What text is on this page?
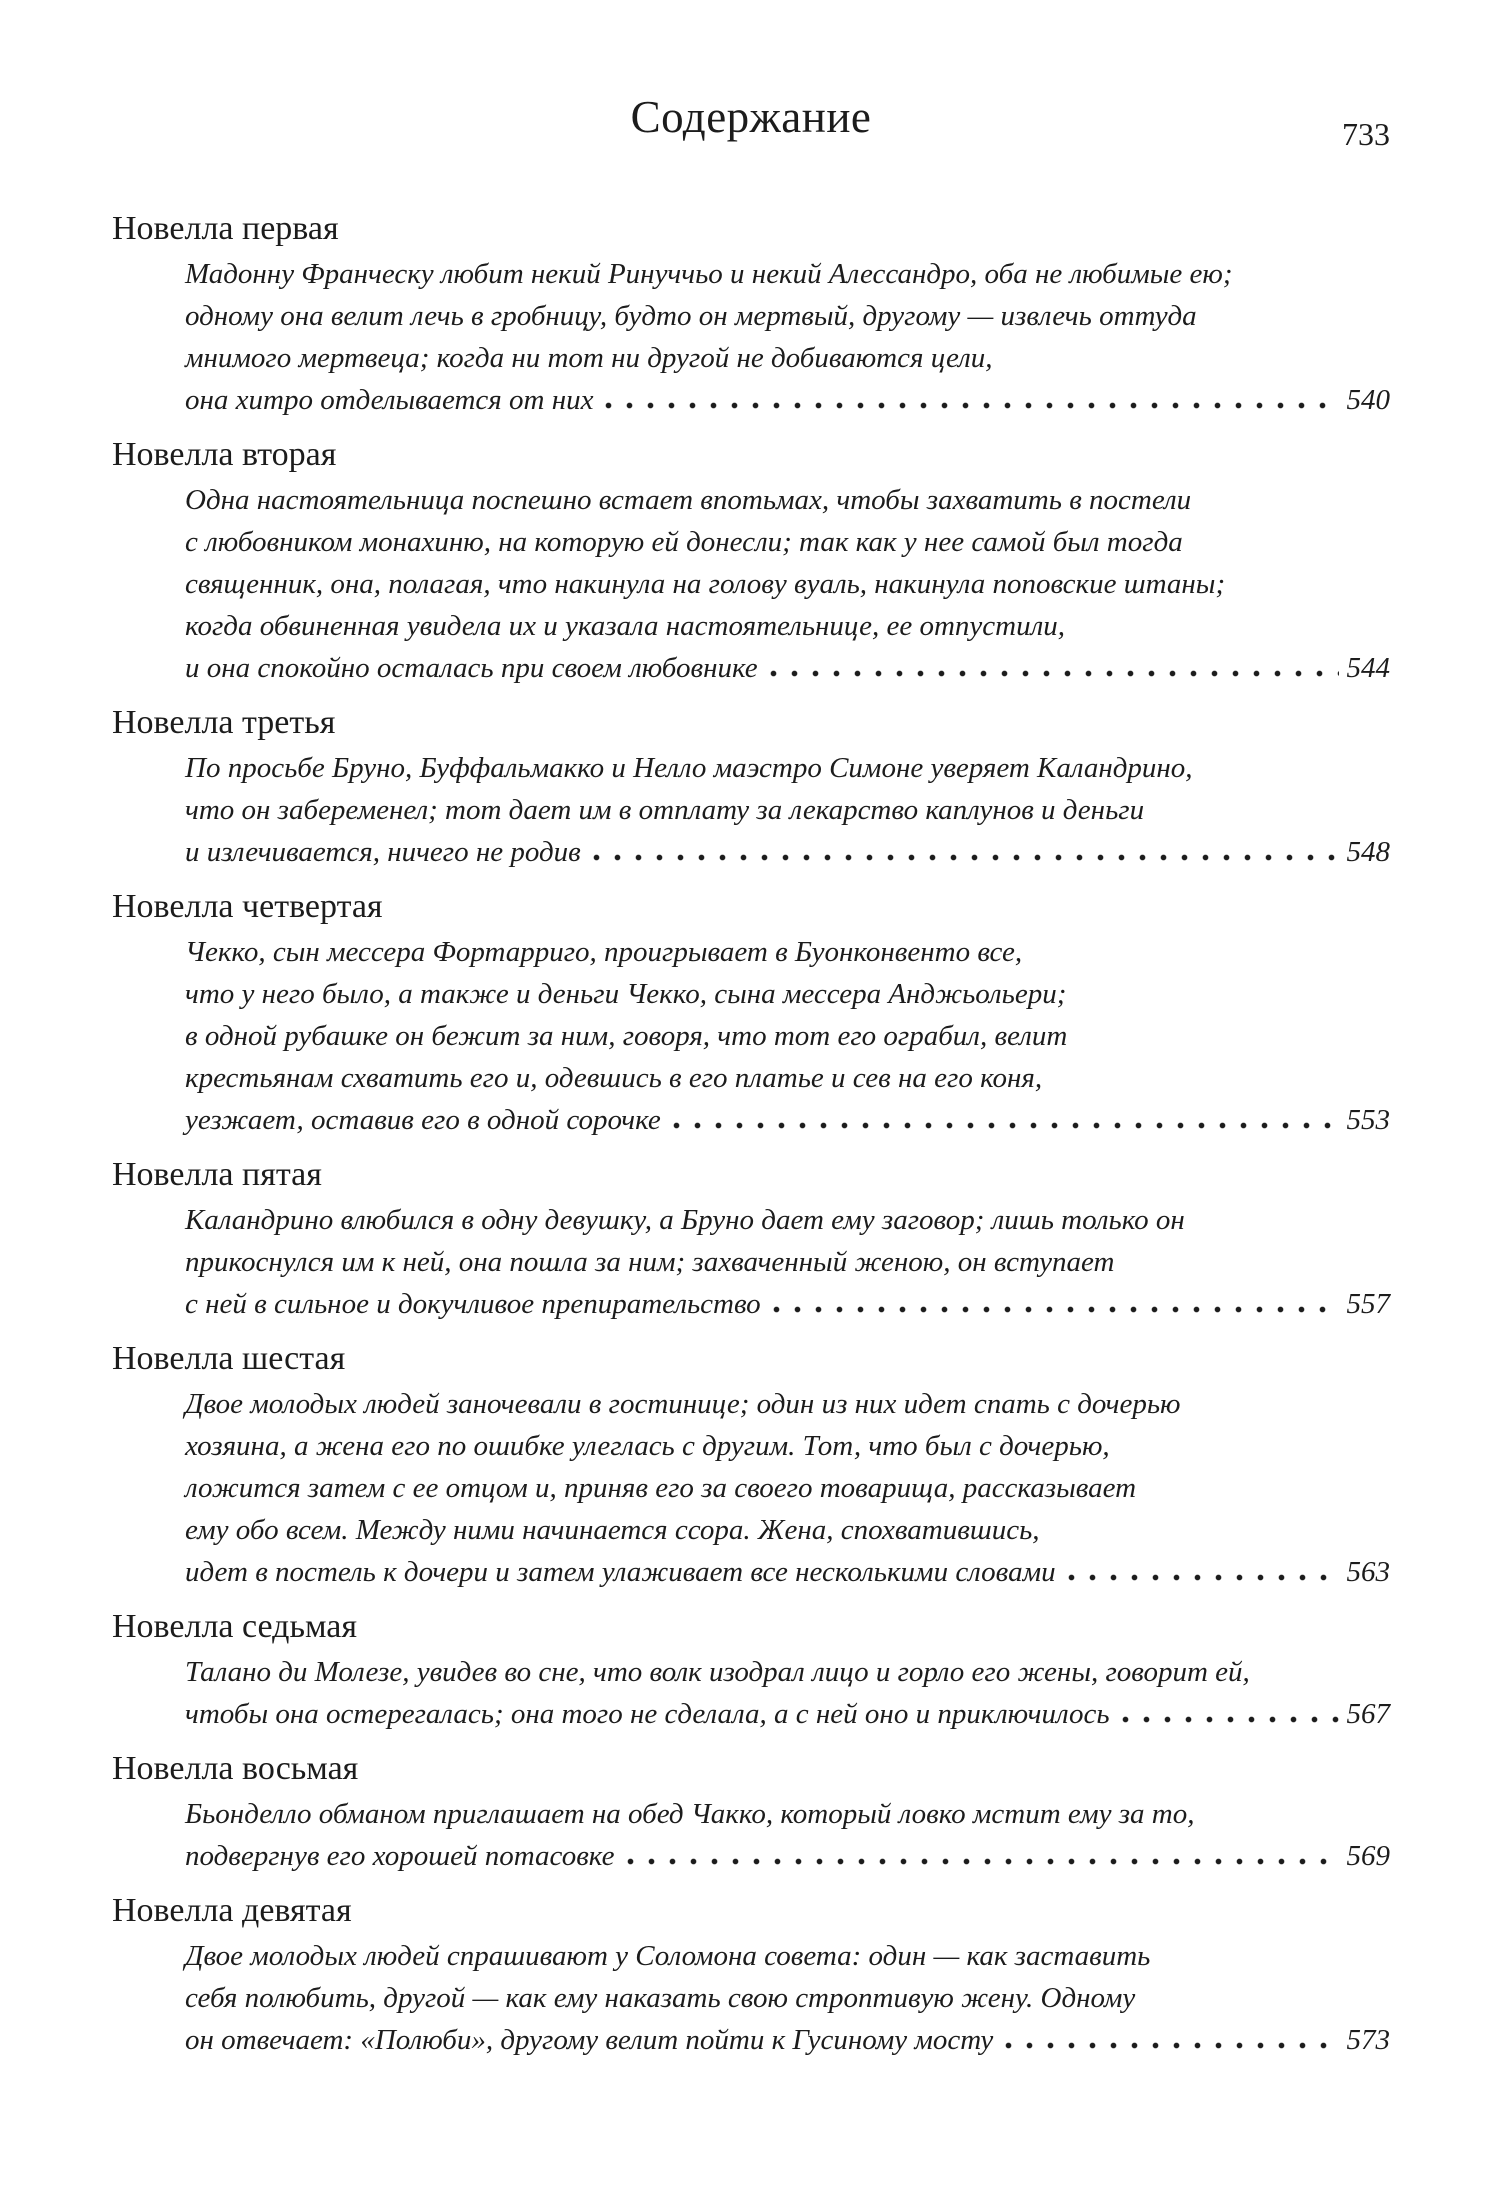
Содержание	733
Новелла первая
Мадонну Франческу любит некий Ринуччьо и некий Алессандро, оба не любимые ею;
одному она велит лечь в гробницу, будто он мертвый, другому — извлечь оттуда
мнимого мертвеца; когда ни тот ни другой не добиваются цели,
она хитро отделывается от них	540
Новелла вторая
Одна настоятельница поспешно встает впотьмах, чтобы захватить в постели
с любовником монахиню, на которую ей донесли; так как у нее самой был тогда
священник, она, полагая, что накинула на голову вуаль, накинула поповские штаны;
когда обвиненная увидела их и указала настоятельнице, ее отпустили,
и она спокойно осталась при своем любовнике	544
Новелла третья
По просьбе Бруно, Буффальмакко и Нелло маэстро Симоне уверяет Каландрино,
что он забеременел; тот дает им в отплату за лекарство каплунов и деньги
и излечивается, ничего не родив	548
Новелла четвертая
Чекко, сын мессера Фортарриго, проигрывает в Буонконвенто все,
что у него было, а также и деньги Чекко, сына мессера Анджьольери;
в одной рубашке он бежит за ним, говоря, что тот его ограбил, велит
крестьянам схватить его и, одевшись в его платье и сев на его коня,
уезжает, оставив его в одной сорочке	553
Новелла пятая
Каландрино влюбился в одну девушку, а Бруно дает ему заговор; лишь только он
прикоснулся им к ней, она пошла за ним; захваченный женою, он вступает
с ней в сильное и докучливое препирательство	557
Новелла шестая
Двое молодых людей заночевали в гостинице; один из них идет спать с дочерью
хозяина, а жена его по ошибке улеглась с другим. Тот, что был с дочерью,
ложится затем с ее отцом и, приняв его за своего товарища, рассказывает
ему обо всем. Между ними начинается ссора. Жена, спохватившись,
идет в постель к дочери и затем улаживает все несколькими словами	563
Новелла седьмая
Талано ди Молезе, увидев во сне, что волк изодрал лицо и горло его жены, говорит ей,
чтобы она остерегалась; она того не сделала, а с ней оно и приключилось	567
Новелла восьмая
Бьонделло обманом приглашает на обед Чакко, который ловко мстит ему за то,
подвергнув его хорошей потасовке	569
Новелла девятая
Двое молодых людей спрашивают у Соломона совета: один — как заставить
себя полюбить, другой — как ему наказать свою строптивую жену. Одному
он отвечает: «Полюби», другому велит пойти к Гусиному мосту	573
